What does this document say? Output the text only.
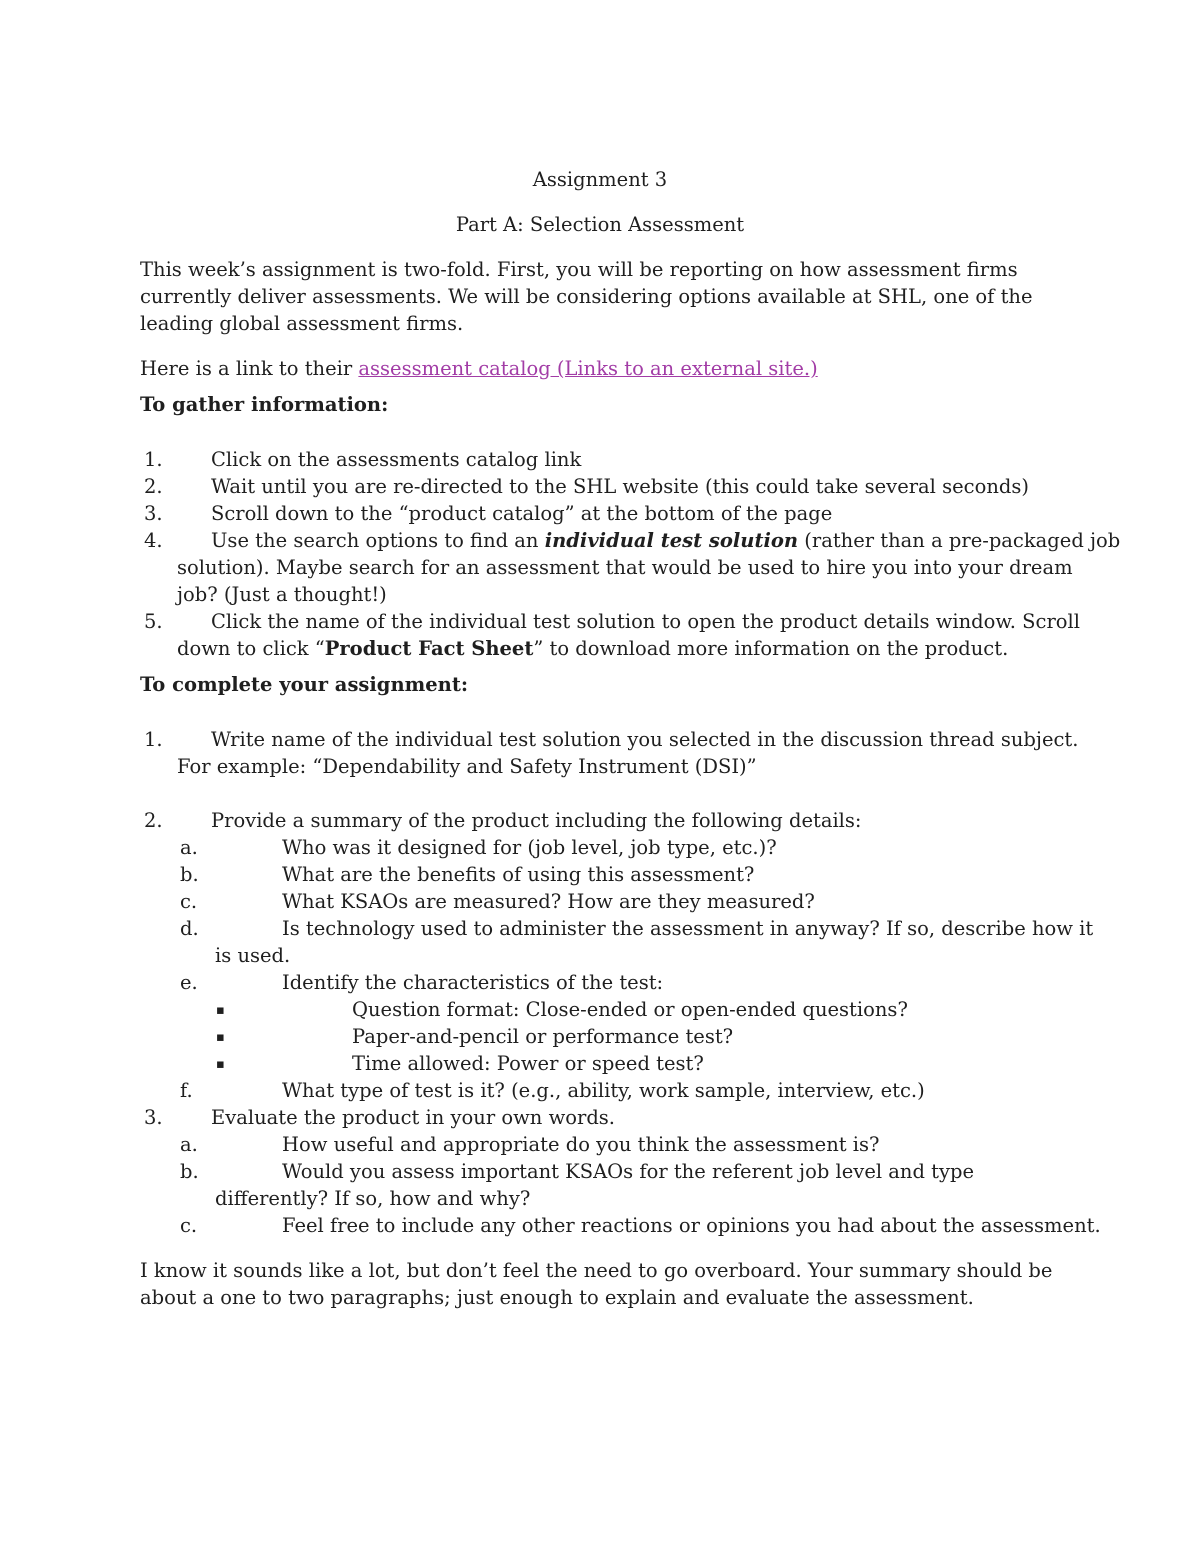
Assignment 3
Part A: Selection Assessment
This week’s assignment is two-fold. First, you will be reporting on how assessment firms
currently deliver assessments. We will be considering options available at SHL, one of the
leading global assessment firms.
Here is a link to their assessment catalog (Links to an external site.)
To gather information:
1. Click on the assessments catalog link
2. Wait until you are re-directed to the SHL website (this could take several seconds)
3. Scroll down to the “product catalog” at the bottom of the page
4. Use the search options to find an individual test solution (rather than a pre-packaged job
solution). Maybe search for an assessment that would be used to hire you into your dream
job? (Just a thought!)
5. Click the name of the individual test solution to open the product details window. Scroll
down to click “Product Fact Sheet” to download more information on the product.
To complete your assignment:
1. Write name of the individual test solution you selected in the discussion thread subject.
For example: “Dependability and Safety Instrument (DSI)”
2. Provide a summary of the product including the following details:
a.	Who was it designed for (job level, job type, etc.)?
b.	What are the benefits of using this assessment?
c.	What KSAOs are measured? How are they measured?
d.	Is technology used to administer the assessment in anyway? If so, describe how it
is used.
e.	Identify the characteristics of the test:
▪	Question format: Close-ended or open-ended questions?
▪	Paper-and-pencil or performance test?
▪	Time allowed: Power or speed test?
f.	What type of test is it? (e.g., ability, work sample, interview, etc.)
3. Evaluate the product in your own words.
a.	How useful and appropriate do you think the assessment is?
b.	Would you assess important KSAOs for the referent job level and type
differently? If so, how and why?
c.	Feel free to include any other reactions or opinions you had about the assessment.
I know it sounds like a lot, but don’t feel the need to go overboard. Your summary should be
about a one to two paragraphs; just enough to explain and evaluate the assessment.
